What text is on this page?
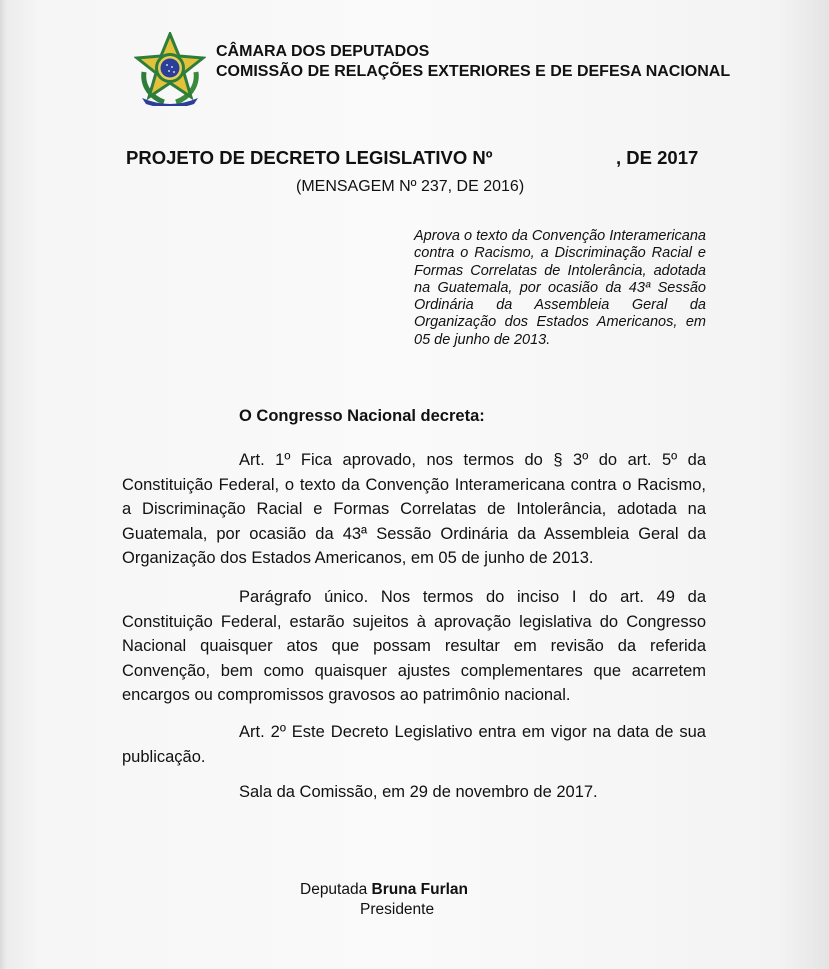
CÂMARA DOS DEPUTADOS
COMISSÃO DE RELAÇÕES EXTERIORES E DE DEFESA NACIONAL
PROJETO DE DECRETO LEGISLATIVO Nº	, DE 2017
(MENSAGEM Nº 237, DE 2016)
Aprova o texto da Convenção Interamericana contra o Racismo, a Discriminação Racial e Formas Correlatas de Intolerância, adotada na Guatemala, por ocasião da 43ª Sessão Ordinária da Assembleia Geral da Organização dos Estados Americanos, em 05 de junho de 2013.
O Congresso Nacional decreta:

Art. 1º Fica aprovado, nos termos do § 3º do art. 5º da Constituição Federal, o texto da Convenção Interamericana contra o Racismo, a Discriminação Racial e Formas Correlatas de Intolerância, adotada na Guatemala, por ocasião da 43ª Sessão Ordinária da Assembleia Geral da Organização dos Estados Americanos, em 05 de junho de 2013.

Parágrafo único. Nos termos do inciso I do art. 49 da Constituição Federal, estarão sujeitos à aprovação legislativa do Congresso Nacional quaisquer atos que possam resultar em revisão da referida Convenção, bem como quaisquer ajustes complementares que acarretem encargos ou compromissos gravosos ao patrimônio nacional.

Art. 2º Este Decreto Legislativo entra em vigor na data de sua publicação.

Sala da Comissão, em 29 de novembro de 2017.
Deputada Bruna Furlan
Presidente
